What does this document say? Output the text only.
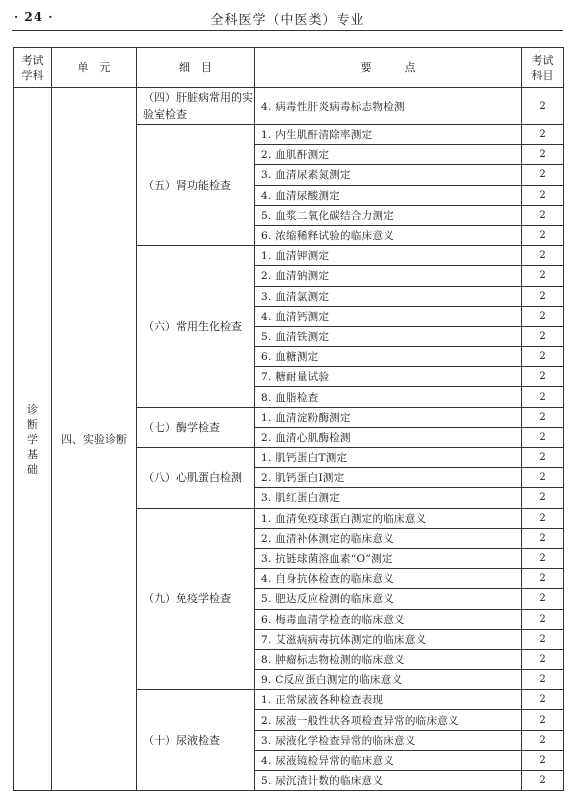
· 24 ·	全科医学（中医类）专业
考试
学科	单　元	细　目	要　　　点	考试
科目
诊
断
学
基
础	四、实验诊断	（四）肝脏病常用的实验室检查	4. 病毒性肝炎病毒标志物检测	2
		（五）肾功能检查	1. 内生肌酐清除率测定	2
			2. 血肌酐测定	2
			3. 血清尿素氮测定	2
			4. 血清尿酸测定	2
			5. 血浆二氧化碳结合力测定	2
			6. 浓缩稀释试验的临床意义	2
		（六）常用生化检查	1. 血清钾测定	2
			2. 血清钠测定	2
			3. 血清氯测定	2
			4. 血清钙测定	2
			5. 血清铁测定	2
			6. 血糖测定	2
			7. 糖耐量试验	2
			8. 血脂检查	2
		（七）酶学检查	1. 血清淀粉酶测定	2
			2. 血清心肌酶检测	2
		（八）心肌蛋白检测	1. 肌钙蛋白T测定	2
			2. 肌钙蛋白I测定	2
			3. 肌红蛋白测定	2
		（九）免疫学检查	1. 血清免疫球蛋白测定的临床意义	2
			2. 血清补体测定的临床意义	2
			3. 抗链球菌溶血素“O”测定	2
			4. 自身抗体检查的临床意义	2
			5. 肥达反应检测的临床意义	2
			6. 梅毒血清学检查的临床意义	2
			7. 艾滋病病毒抗体测定的临床意义	2
			8. 肿瘤标志物检测的临床意义	2
			9. C反应蛋白测定的临床意义	2
		（十）尿液检查	1. 正常尿液各种检查表现	2
			2. 尿液一般性状各项检查异常的临床意义	2
			3. 尿液化学检查异常的临床意义	2
			4. 尿液镜检异常的临床意义	2
			5. 尿沉渣计数的临床意义	2
